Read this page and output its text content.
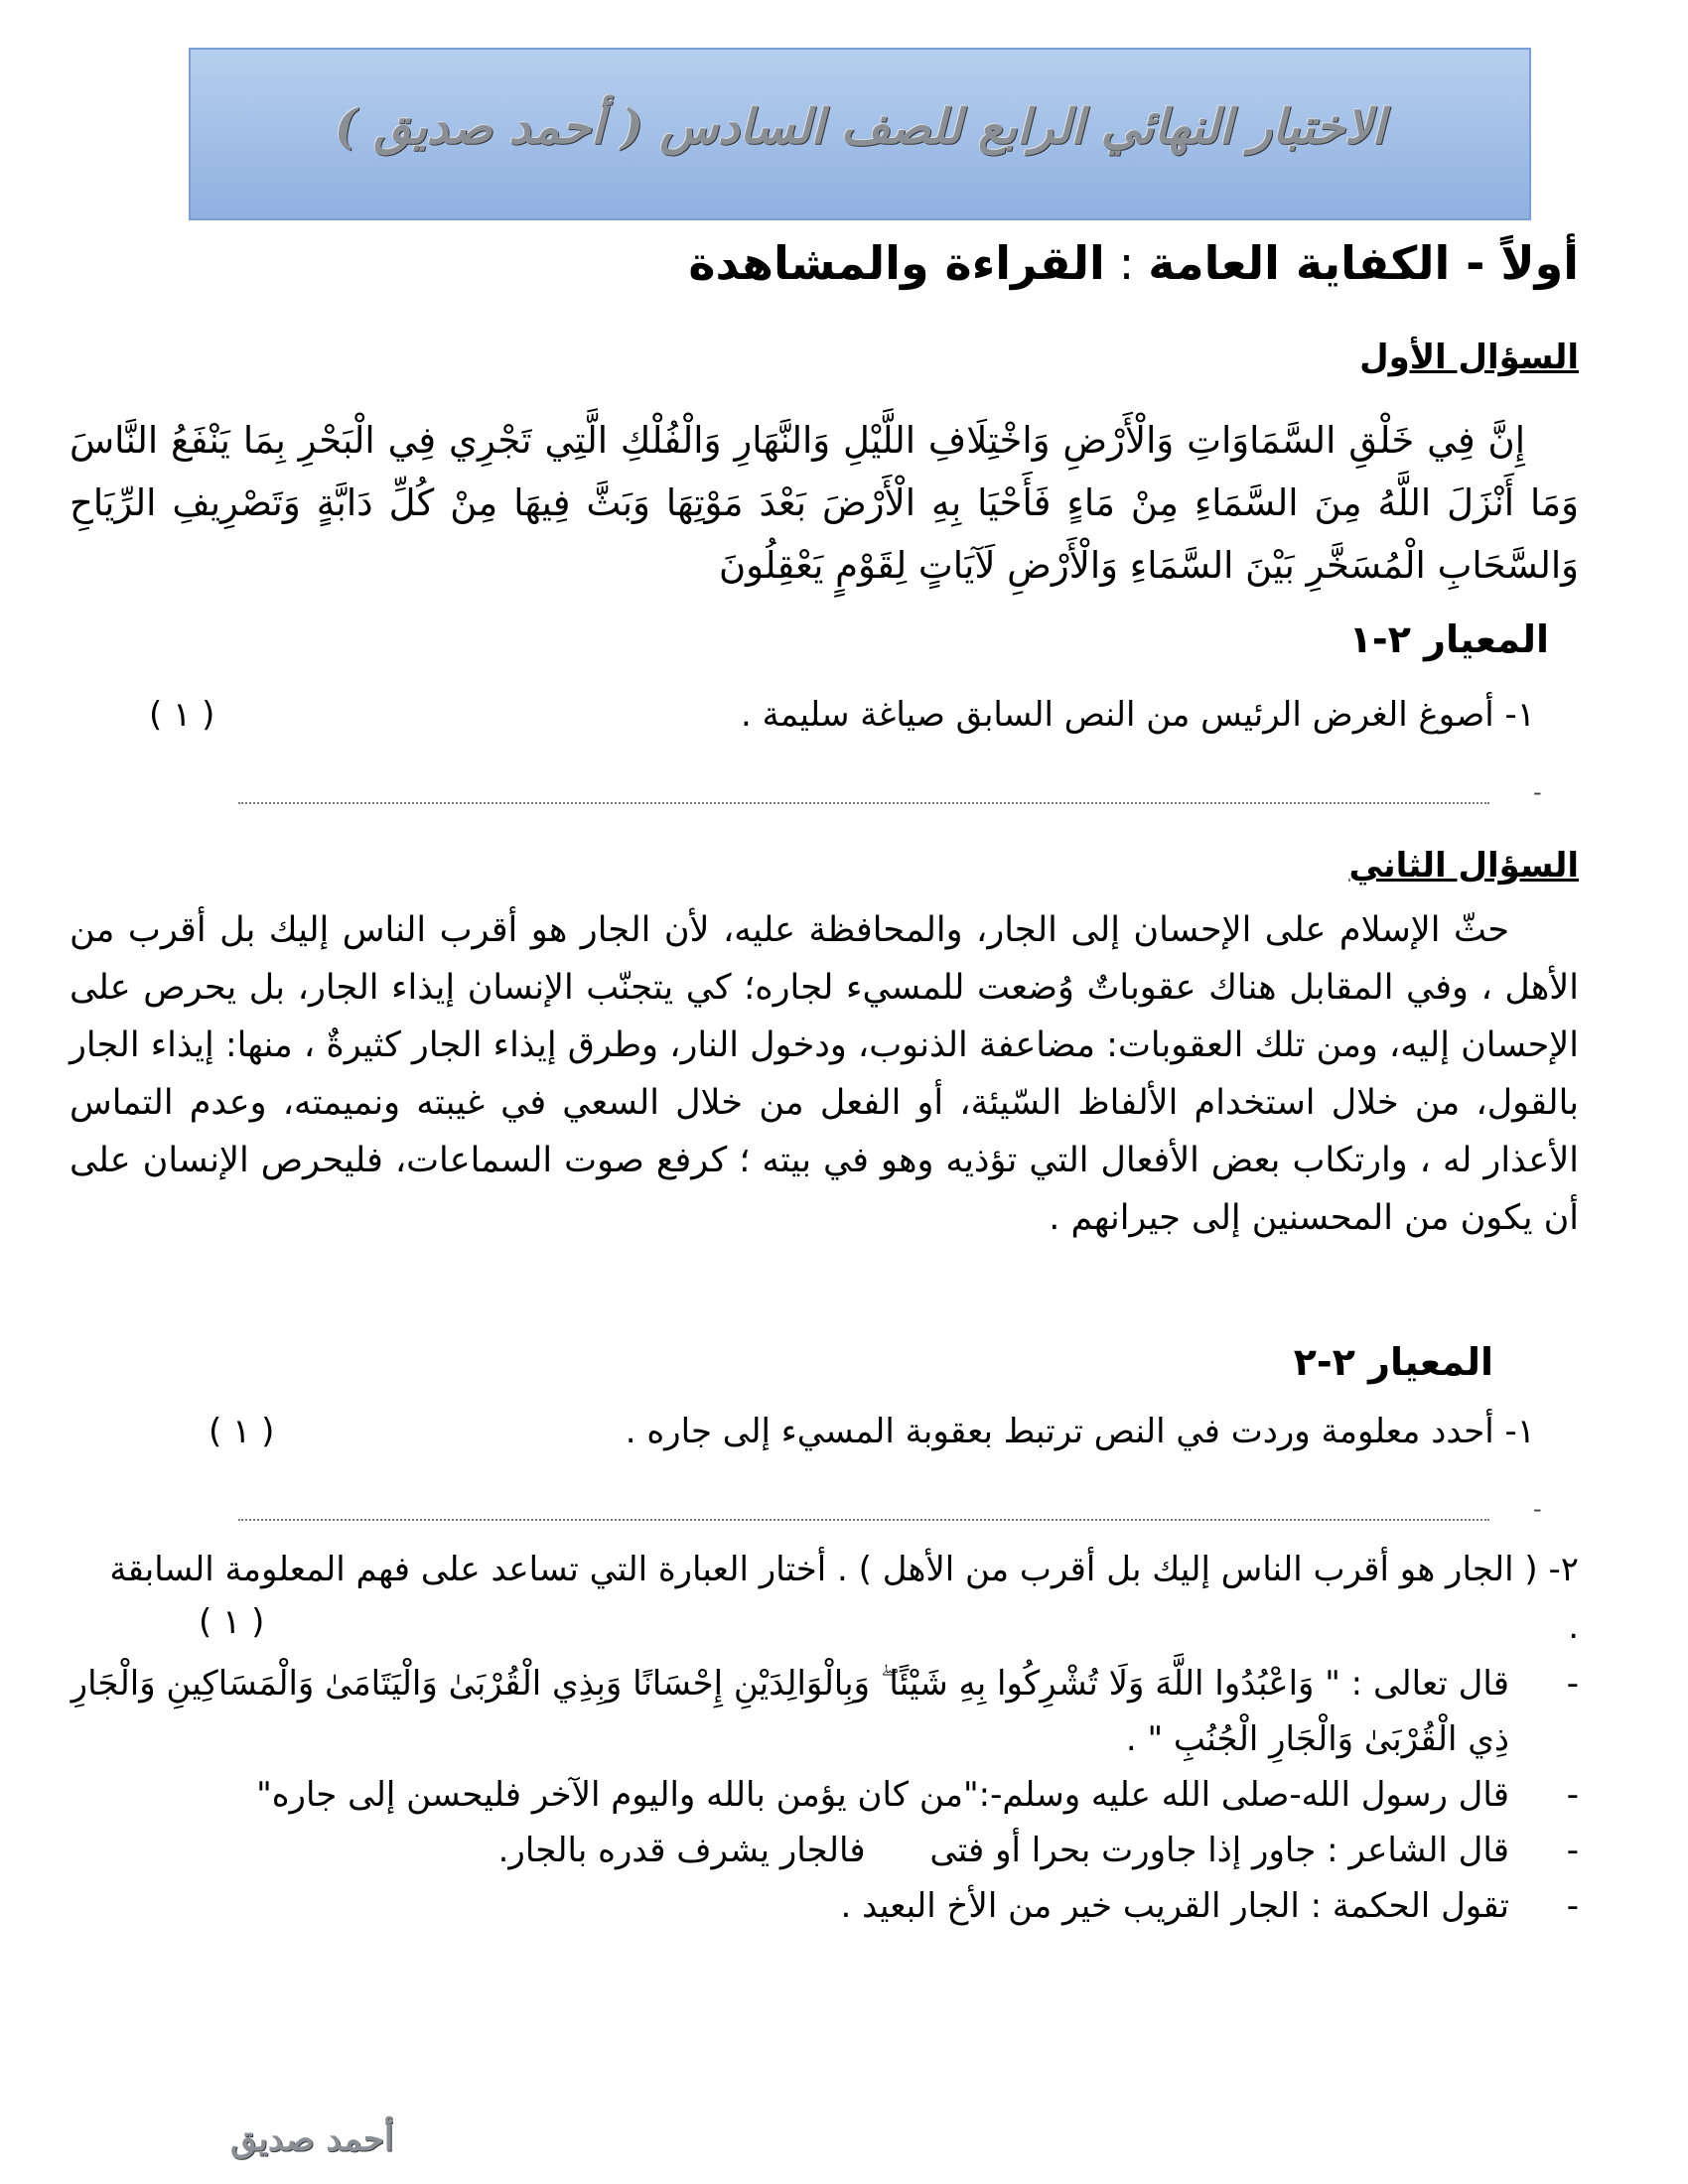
الاختبار النهائي الرابع للصف السادس ( أحمد صديق )
أولاً - الكفاية العامة:القراءة والمشاهدة
السؤال الأول
إِنَّ فِي خَلْقِ السَّمَاوَاتِ وَالْأَرْضِ وَاخْتِلَافِ اللَّيْلِ وَالنَّهَارِ وَالْفُلْكِ الَّتِي تَجْرِي فِي الْبَحْرِ بِمَا يَنْفَعُ النَّاسَ وَمَا أَنْزَلَ اللَّهُ مِنَ السَّمَاءِ مِنْ مَاءٍ فَأَحْيَا بِهِ الْأَرْضَ بَعْدَ مَوْتِهَا وَبَثَّ فِيهَا مِنْ كُلِّ دَابَّةٍ وَتَصْرِيفِ الرِّيَاحِ وَالسَّحَابِ الْمُسَخَّرِ بَيْنَ السَّمَاءِ وَالْأَرْضِ لَآيَاتٍ لِقَوْمٍ يَعْقِلُونَ
المعيار ٢-١
١- أصوغ الغرض الرئيس من النص السابق صياغة سليمة .
( ١ )
-
السؤال الثاني
حثّ الإسلام على الإحسان إلى الجار، والمحافظة عليه، لأن الجار هو أقرب الناس إليك بل أقرب من الأهل ، وفي المقابل هناك عقوباتٌ وُضعت للمسيء لجاره؛ كي يتجنّب الإنسان إيذاء الجار، بل يحرص على الإحسان إليه، ومن تلك العقوبات: مضاعفة الذنوب، ودخول النار، وطرق إيذاء الجار كثيرةٌ ، منها: إيذاء الجار بالقول، من خلال استخدام الألفاظ السّيئة، أو الفعل من خلال السعي في غيبته ونميمته، وعدم التماس الأعذار له ، وارتكاب بعض الأفعال التي تؤذيه وهو في بيته ؛ كرفع صوت السماعات، فليحرص الإنسان على أن يكون من المحسنين إلى جيرانهم .
المعيار ٢-٢
١- أحدد معلومة وردت في النص ترتبط بعقوبة المسيء إلى جاره .
( ١ )
-
٢- ( الجار هو أقرب الناس إليك بل أقرب من الأهل ) . أختار العبارة التي تساعد على فهم المعلومة السابقة .
( ١ )
-
قال تعالى : " وَاعْبُدُوا اللَّهَ وَلَا تُشْرِكُوا بِهِ شَيْئًا ۖ وَبِالْوَالِدَيْنِ إِحْسَانًا وَبِذِي الْقُرْبَىٰ وَالْيَتَامَىٰ وَالْمَسَاكِينِ وَالْجَارِ ذِي الْقُرْبَىٰ وَالْجَارِ الْجُنُبِ " .
-
قال رسول الله-صلى الله عليه وسلم-:"من كان يؤمن بالله واليوم الآخر فليحسن إلى جاره"
-
قال الشاعر : جاور إذا جاورت بحرا أو فتى      فالجار يشرف قدره بالجار.
-
تقول الحكمة : الجار القريب خير من الأخ البعيد .
أحمد صديق
